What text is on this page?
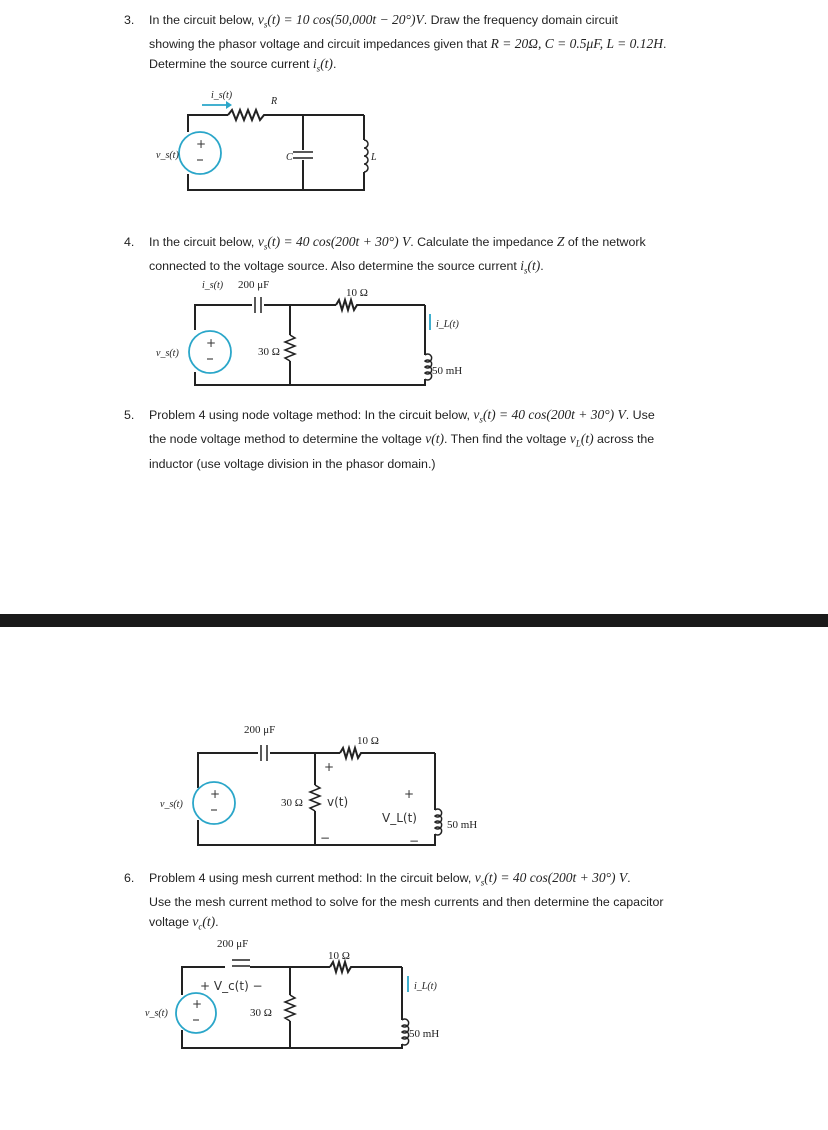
3. In the circuit below, $v_s(t) = 10$ cos(50,000t − 20°)V. Draw the frequency domain circuit
showing the phasor voltage and circuit impedances given that R = 20Ω, C = 0.5μF, L = 0.12H.
Determine the source current $i_s(t)$.
+
i_s(t)
R
C	L
v_s(t)
4. In the circuit below, $v_s(t) = 40$ cos(200t + 30°) V. Calculate the impedance Z of the network
connected to the voltage source. Also determine the source current $i_s(t)$.
+
i_s(t) 200 μF
10 Ω
30 Ω
50 mH
v_s(t)
i_L(t)
5. Problem 4 using node voltage method: In the circuit below, $v_s(t) = 40$ cos(200t + 30°) V. Use
the node voltage method to determine the voltage v(t). Then find the voltage $v_L(t)$ across the
inductor (use voltage division in the phasor domain.)
+
200 μF
10 Ω
30 Ω
50 mH
v_s(t)
+
v(t)
−
+
V_L(t)
−
6. Problem 4 using mesh current method: In the circuit below, $v_s(t) = 40$ cos(200t + 30°) V.
Use the mesh current method to solve for the mesh currents and then determine the capacitor
voltage $v_c(t)$.
+
200 μF
10 Ω
30 Ω
50 mH
v_s(t)
+ V_c(t) −	i_L(t)
